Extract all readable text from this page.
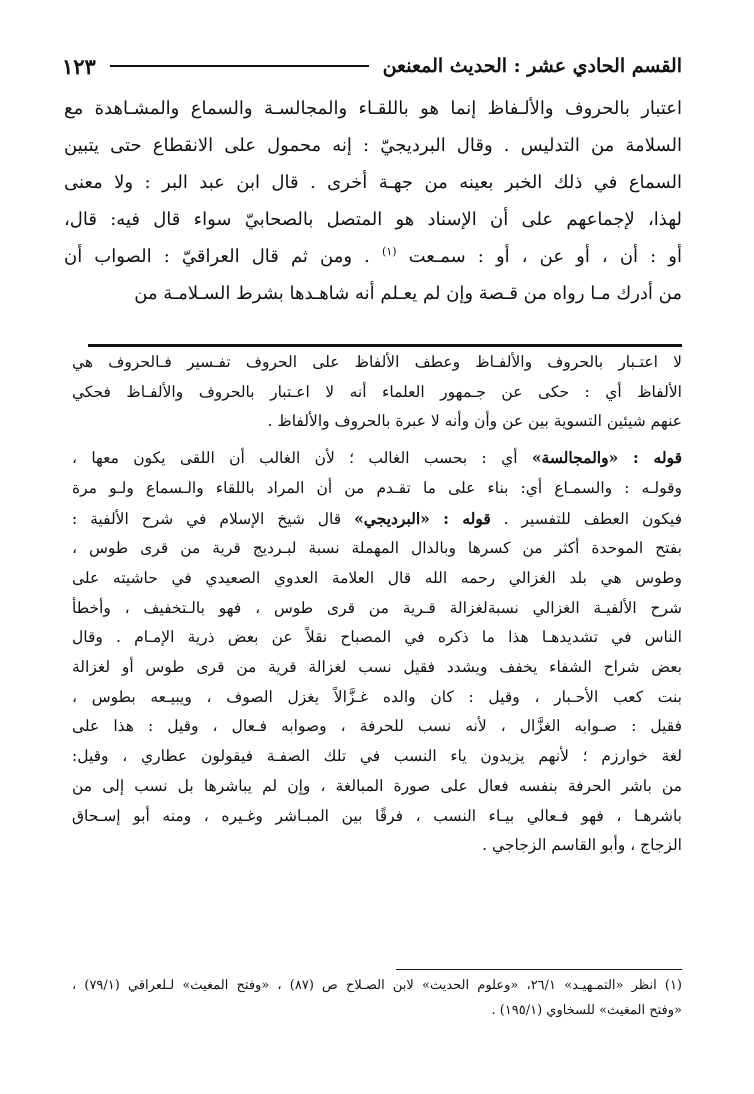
القسم الحادي عشر : الحديث المعنعن
١٢٣

اعتبار بالحروف والألـفاظ إنما هو باللقـاء والمجالسـة والسماع والمشـاهدة مع

السلامة من التدليس . وقال البرديجيّ : إنه محمول على الانقطاع حتى يتبين

السماع في ذلك الخبر بعينه من جهـة أخرى . قال ابن عبد البر : ولا معنى

لهذا، لإجماعهم على أن الإسناد هو المتصل بالصحابيّ سواء قال فيه: قال،

أو : أن ، أو عن ، أو : سمـعت $^{(١)}$ . ومن ثم قال العراقيّ : الصواب أن

من أدرك مـا رواه من قـصة وإن لم يعـلم أنه شاهـدها بشرط السـلامـة من

لا اعتـبار بالحروف والألفـاظ وعطف الألفاظ على الحروف تفـسير فـالحروف هي

الألفاظ أي : حكى عن جـمهور العلماء أنه لا اعـتبار بالحروف والألفـاظ فحكي

عنهم شيئين التسوية بين عن وأن وأنه لا عبرة بالحروف والألفاظ .

قوله : «والمجالسة» أي : بحسب الغالب ؛ لأن الغالب أن اللقى يكون معها ،

وقولـه : والسمـاع أي: بناء على ما تقـدم من أن المراد باللقاء والـسماع ولـو مرة

فيكون العطف للتفسير . قوله : «البرديجي» قال شيخ الإسلام في شرح الألفية :

بفتح الموحدة أكثر من كسرها وبالدال المهملة نسبة لبـرديج قرية من قرى طوس ،

وطوس هي بلد الغزالي رحمه الله قال العلامة العدوي الصعيدي في حاشيته على

شرح الألفيـة الغزالي نسبةلغزالة قـرية من قرى طوس ، فهو بالـتخفيف ، وأخطأ

الناس في تشديدهـا هذا ما ذكره في المصباح نقلاً عن بعض ذرية الإمـام . وقال

بعض شراح الشفاء يخفف ويشدد فقيل نسب لغزالة قرية من قرى طوس أو لغزالة

بنت كعب الأحـبار ، وقيل : كان والده غـزَّالاً يغزل الصوف ، ويبيـعه بطوس ،

فقيل : صـوابه الغزَّال ، لأنه نسب للحرفة ، وصوابه فـعال ، وقيل : هذا على

لغة خوارزم ؛ لأنهم يزيدون ياء النسب في تلك الصفـة فيقولون عطاري ، وقيل:

من باشر الحرفة بنفسه فعال على صورة المبالغة ، وإن لم يباشرها بل نسب إلى من

باشرهـا ، فهو فـعالي بيـاء النسب ، فرقًا بين المبـاشر وغـيره ، ومنه أبو إسـحاق

الزجاج ، وأبو القاسم الزجاجي .

(١) انظر «التمـهيـد» ٢٦/١، «وعلوم الحديث» لابن الصـلاح ص (٨٧) ، «وفتح المغيث» لـلعراقي (٧٩/١) ،

«وفتح المغيث» للسخاوي (١٩٥/١) .
